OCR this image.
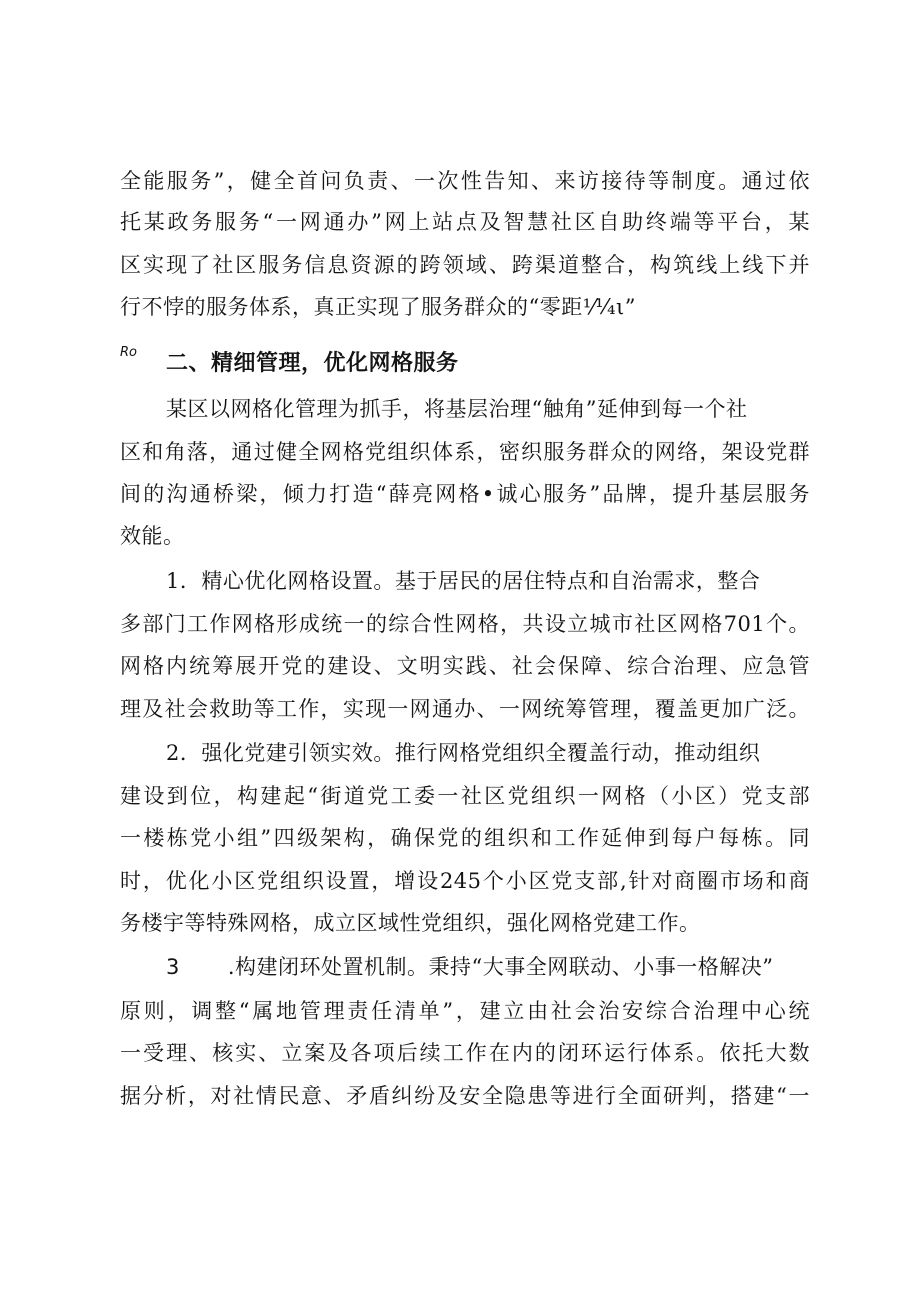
全能服务”，健全首问负责、一次性告知、来访接待等制度。通过依
托某政务服务“一网通办”网上站点及智慧社区自助终端等平台，某
区实现了社区服务信息资源的跨领域、跨渠道整合，构筑线上线下并
行不悖的服务体系，真正实现了服务群众的“零距⅟¼ι”
Ro 二、精细管理，优化网格服务
某区以网格化管理为抓手，将基层治理“触角”延伸到每一个社
区和角落，通过健全网格党组织体系，密织服务群众的网络，架设党群
间的沟通桥梁，倾力打造“薛亮网格•诚心服务”品牌，提升基层服务
效能。
1．精心优化网格设置。基于居民的居住特点和自治需求，整合
多部门工作网格形成统一的综合性网格，共设立城市社区网格701个。
网格内统筹展开党的建设、文明实践、社会保障、综合治理、应急管
理及社会救助等工作，实现一网通办、一网统筹管理，覆盖更加广泛。
2．强化党建引领实效。推行网格党组织全覆盖行动，推动组织
建设到位，构建起“街道党工委一社区党组织一网格（小区）党支部
一楼栋党小组”四级架构，确保党的组织和工作延伸到每户每栋。同
时，优化小区党组织设置，增设245个小区党支部,针对商圈市场和商
务楼宇等特殊网格，成立区域性党组织，强化网格党建工作。
3 .构建闭环处置机制。秉持“大事全网联动、小事一格解决”
原则，调整“属地管理责任清单”，建立由社会治安综合治理中心统
一受理、核实、立案及各项后续工作在内的闭环运行体系。依托大数
据分析，对社情民意、矛盾纠纷及安全隐患等进行全面研判，搭建“一
